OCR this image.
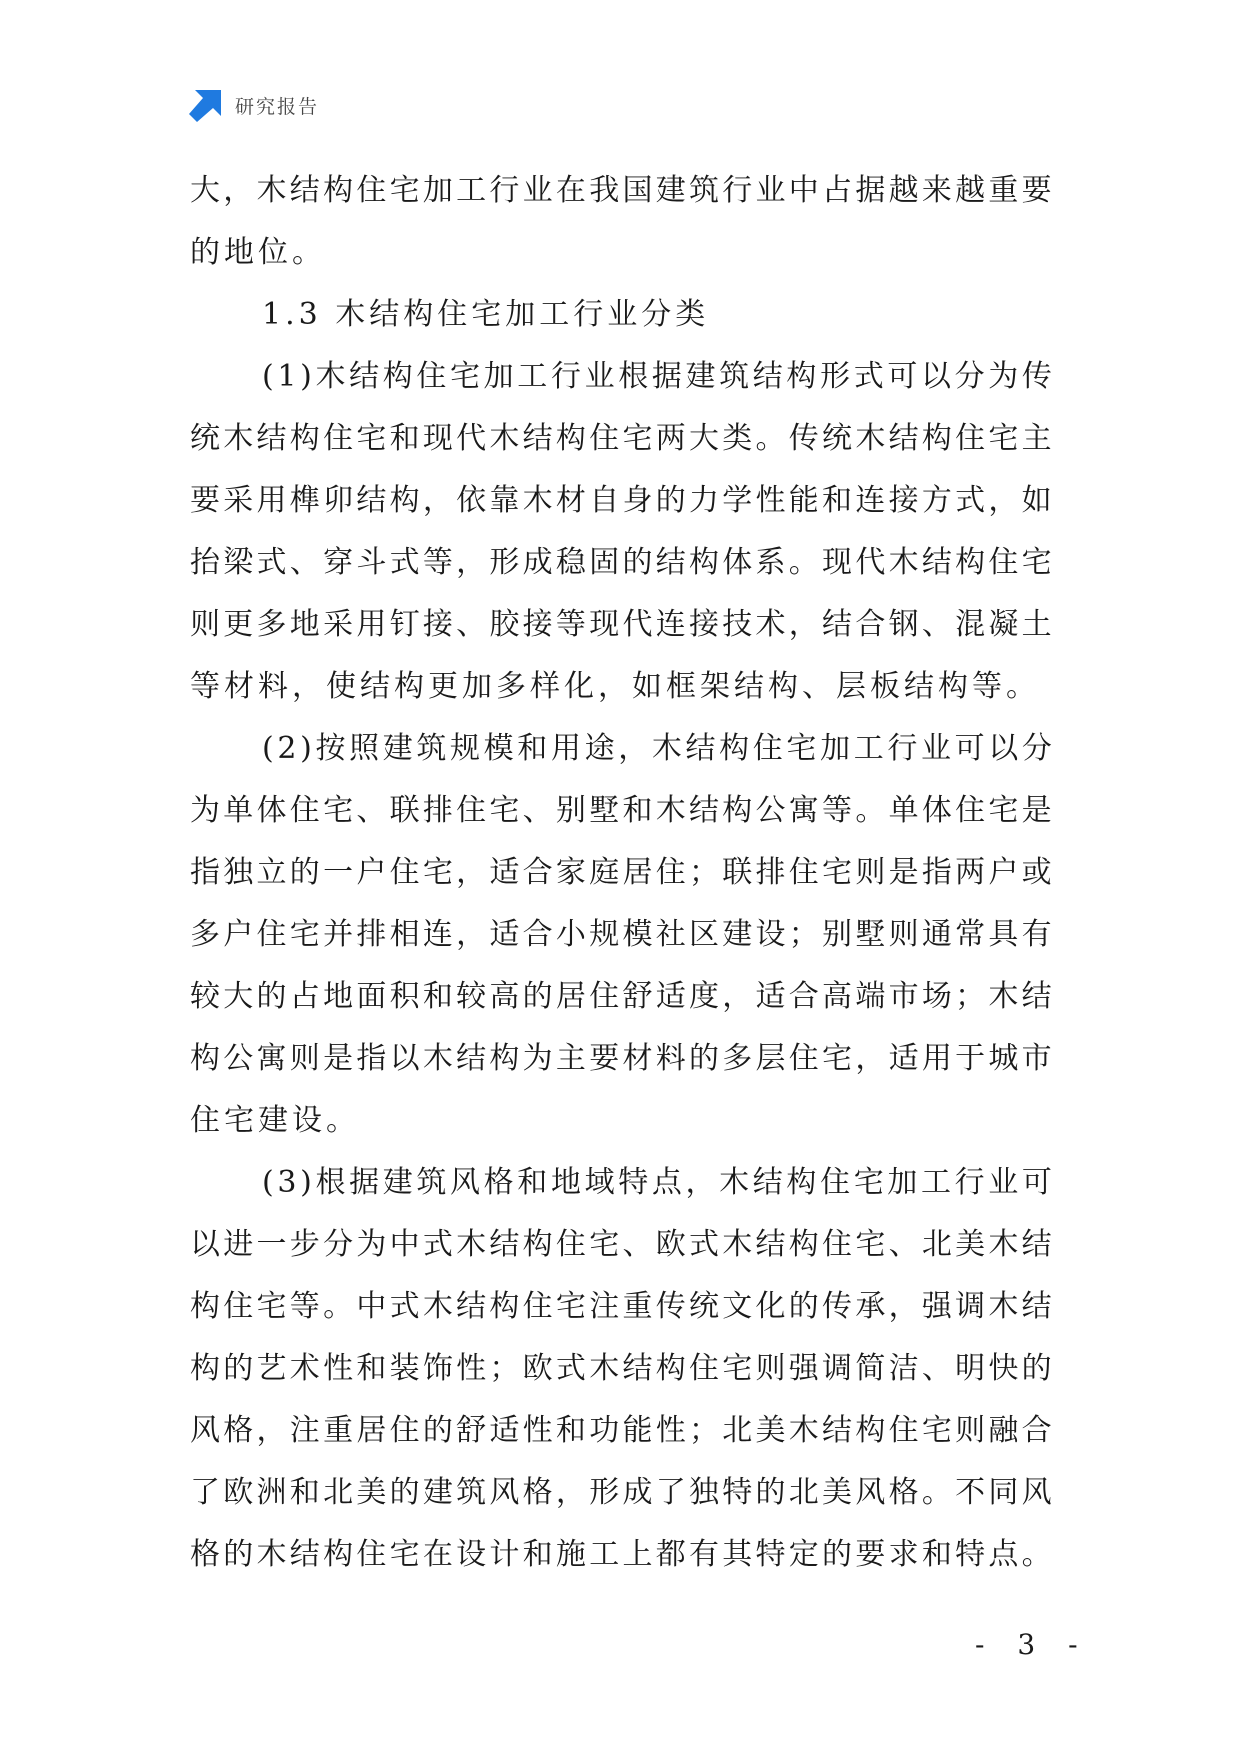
研究报告
大 ， 木 结 构 住 宅 加 工 行 业 在 我 国 建 筑 行 业 中 占 据 越 来 越 重 要
的地位。
1.3 木结构住宅加工行业分类
( 1 ) 木 结 构 住 宅 加 工 行 业 根 据 建 筑 结 构 形 式 可 以 分 为 传
统 木 结 构 住 宅 和 现 代 木 结 构 住 宅 两 大 类 。 传 统 木 结 构 住 宅 主
要 采 用 榫 卯 结 构 ， 依 靠 木 材 自 身 的 力 学 性 能 和 连 接 方 式 ， 如
抬 梁 式 、 穿 斗 式 等 ， 形 成 稳 固 的 结 构 体 系 。 现 代 木 结 构 住 宅
则 更 多 地 采 用 钉 接 、 胶 接 等 现 代 连 接 技 术 ， 结 合 钢 、 混 凝 土
等材料，使结构更加多样化，如框架结构、层板结构等。
( 2 ) 按 照 建 筑 规 模 和 用 途 ， 木 结 构 住 宅 加 工 行 业 可 以 分
为 单 体 住 宅 、 联 排 住 宅 、 别 墅 和 木 结 构 公 寓 等 。 单 体 住 宅 是
指 独 立 的 一 户 住 宅 ， 适 合 家 庭 居 住 ； 联 排 住 宅 则 是 指 两 户 或
多 户 住 宅 并 排 相 连 ， 适 合 小 规 模 社 区 建 设 ； 别 墅 则 通 常 具 有
较 大 的 占 地 面 积 和 较 高 的 居 住 舒 适 度 ， 适 合 高 端 市 场 ； 木 结
构 公 寓 则 是 指 以 木 结 构 为 主 要 材 料 的 多 层 住 宅 ， 适 用 于 城 市
住宅建设。
( 3 ) 根 据 建 筑 风 格 和 地 域 特 点 ， 木 结 构 住 宅 加 工 行 业 可
以 进 一 步 分 为 中 式 木 结 构 住 宅 、 欧 式 木 结 构 住 宅 、 北 美 木 结
构 住 宅 等 。 中 式 木 结 构 住 宅 注 重 传 统 文 化 的 传 承 ， 强 调 木 结
构 的 艺 术 性 和 装 饰 性 ； 欧 式 木 结 构 住 宅 则 强 调 简 洁 、 明 快 的
风 格 ， 注 重 居 住 的 舒 适 性 和 功 能 性 ； 北 美 木 结 构 住 宅 则 融 合
了 欧 洲 和 北 美 的 建 筑 风 格 ， 形 成 了 独 特 的 北 美 风 格 。 不 同 风
格 的 木 结 构 住 宅 在 设 计 和 施 工 上 都 有 其 特 定 的 要 求 和 特 点 。
- 3 -
